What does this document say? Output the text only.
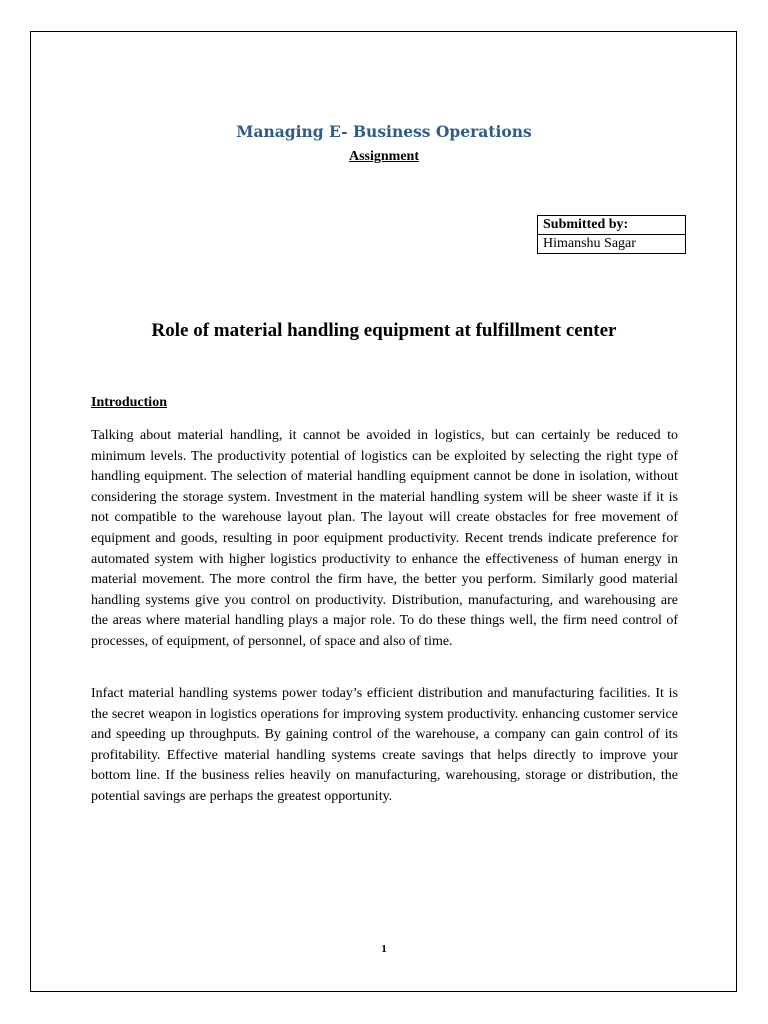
Managing E- Business Operations
Assignment
Submitted by:
Himanshu Sagar
Role of material handling equipment at fulfillment center
Introduction

Talking about material handling, it cannot be avoided in logistics, but can certainly be reduced to minimum levels. The productivity potential of logistics can be exploited by selecting the right type of handling equipment. The selection of material handling equipment cannot be done in isolation, without considering the storage system. Investment in the material handling system will be sheer waste if it is not compatible to the warehouse layout plan. The layout will create obstacles for free movement of equipment and goods, resulting in poor equipment productivity. Recent trends indicate preference for automated system with higher logistics productivity to enhance the effectiveness of human energy in material movement. The more control the firm have, the better you perform. Similarly good material handling systems give you control on productivity. Distribution, manufacturing, and warehousing are the areas where material handling plays a major role. To do these things well, the firm need control of processes, of equipment, of personnel, of space and also of time.

Infact material handling systems power today’s efficient distribution and manufacturing facilities. It is the secret weapon in logistics operations for improving system productivity. enhancing customer service and speeding up throughputs. By gaining control of the warehouse, a company can gain control of its profitability. Effective material handling systems create savings that helps directly to improve your bottom line. If the business relies heavily on manufacturing, warehousing, storage or distribution, the potential savings are perhaps the greatest opportunity.

1
